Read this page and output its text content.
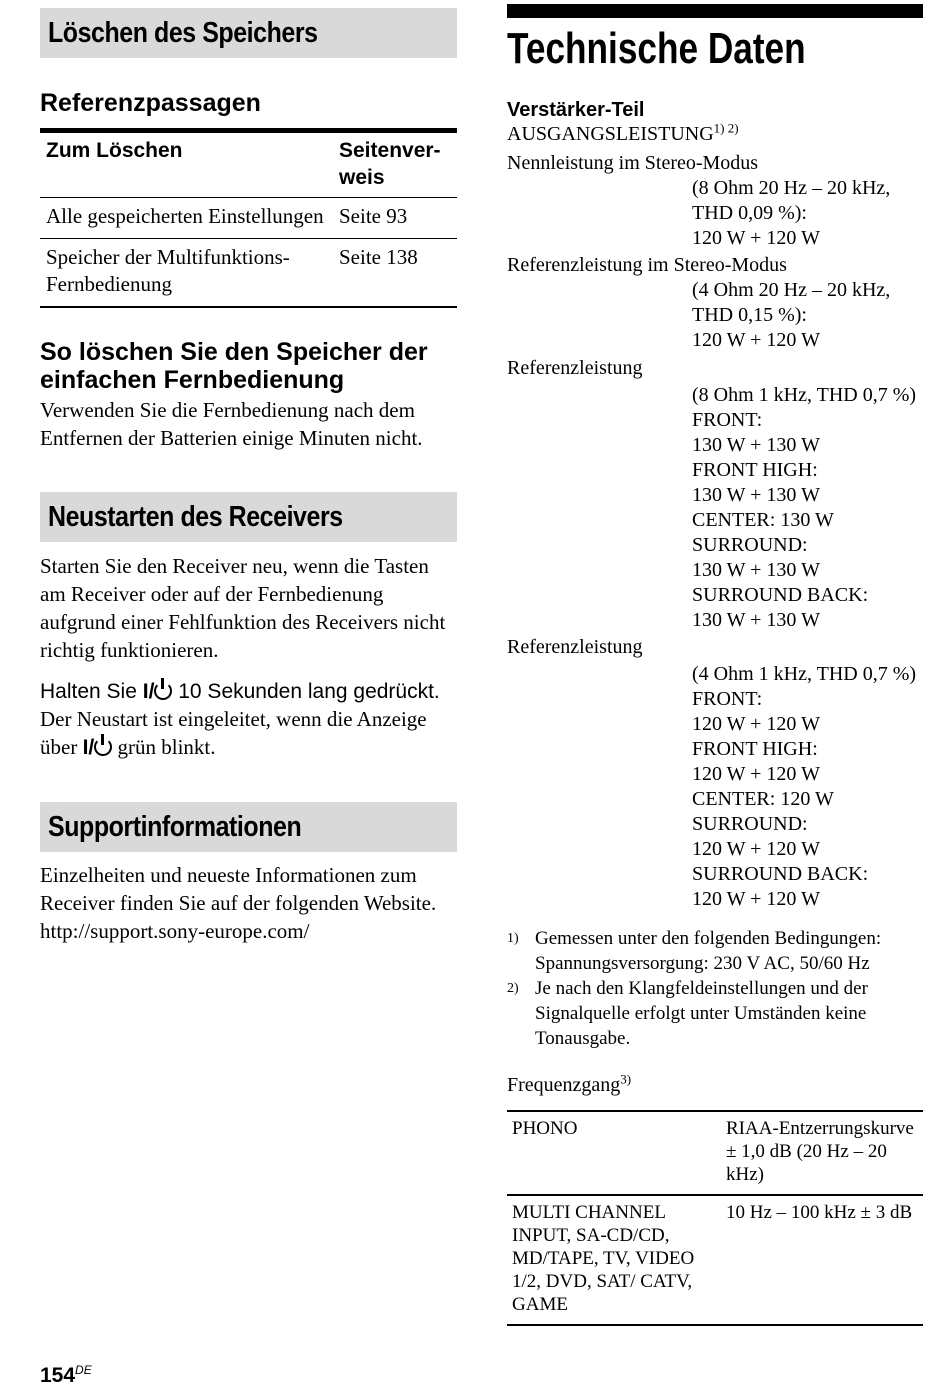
Löschen des Speichers
Referenzpassagen
Zum Löschen	Seitenver-
weis
Alle gespeicherten Einstellungen	Seite 93
Speicher der Multifunktions-Fernbedienung	Seite 138
So löschen Sie den Speicher der einfachen Fernbedienung
Verwenden Sie die Fernbedienung nach dem Entfernen der Batterien einige Minuten nicht.
Neustarten des Receivers
Starten Sie den Receiver neu, wenn die Tasten am Receiver oder auf der Fernbedienung aufgrund einer Fehlfunktion des Receivers nicht richtig funktionieren.
Halten Sie I/ 10 Sekunden lang gedrückt.
Der Neustart ist eingeleitet, wenn die Anzeige über I/ grün blinkt.
Supportinformationen
Einzelheiten und neueste Informationen zum Receiver finden Sie auf der folgenden Website.
http://support.sony-europe.com/
Technische Daten
Verstärker-Teil
$AUSGANGSLEISTUNG^{1) 2)}$
Nennleistung im Stereo-Modus
(8 Ohm 20 Hz – 20 kHz,
THD 0,09 %):
120 W + 120 W
Referenzleistung im Stereo-Modus
(4 Ohm 20 Hz – 20 kHz,
THD 0,15 %):
120 W + 120 W
Referenzleistung
(8 Ohm 1 kHz, THD 0,7 %)
FRONT:
130 W + 130 W
FRONT HIGH:
130 W + 130 W
CENTER: 130 W
SURROUND:
130 W + 130 W
SURROUND BACK:
130 W + 130 W
Referenzleistung
(4 Ohm 1 kHz, THD 0,7 %)
FRONT:
120 W + 120 W
FRONT HIGH:
120 W + 120 W
CENTER: 120 W
SURROUND:
120 W + 120 W
SURROUND BACK:
120 W + 120 W
1) Gemessen unter den folgenden Bedingungen: Spannungsversorgung: 230 V AC, 50/60 Hz
2) Je nach den Klangfeldeinstellungen und der Signalquelle erfolgt unter Umständen keine Tonausgabe.
Frequenzgang$^{3)}$
PHONO	RIAA-Entzerrungskurve ± 1,0 dB (20 Hz – 20 kHz)
MULTI CHANNEL INPUT, SA-CD/CD, MD/TAPE, TV, VIDEO 1/2, DVD, SAT/ CATV, GAME	10 Hz – 100 kHz ± 3 dB
154DE
